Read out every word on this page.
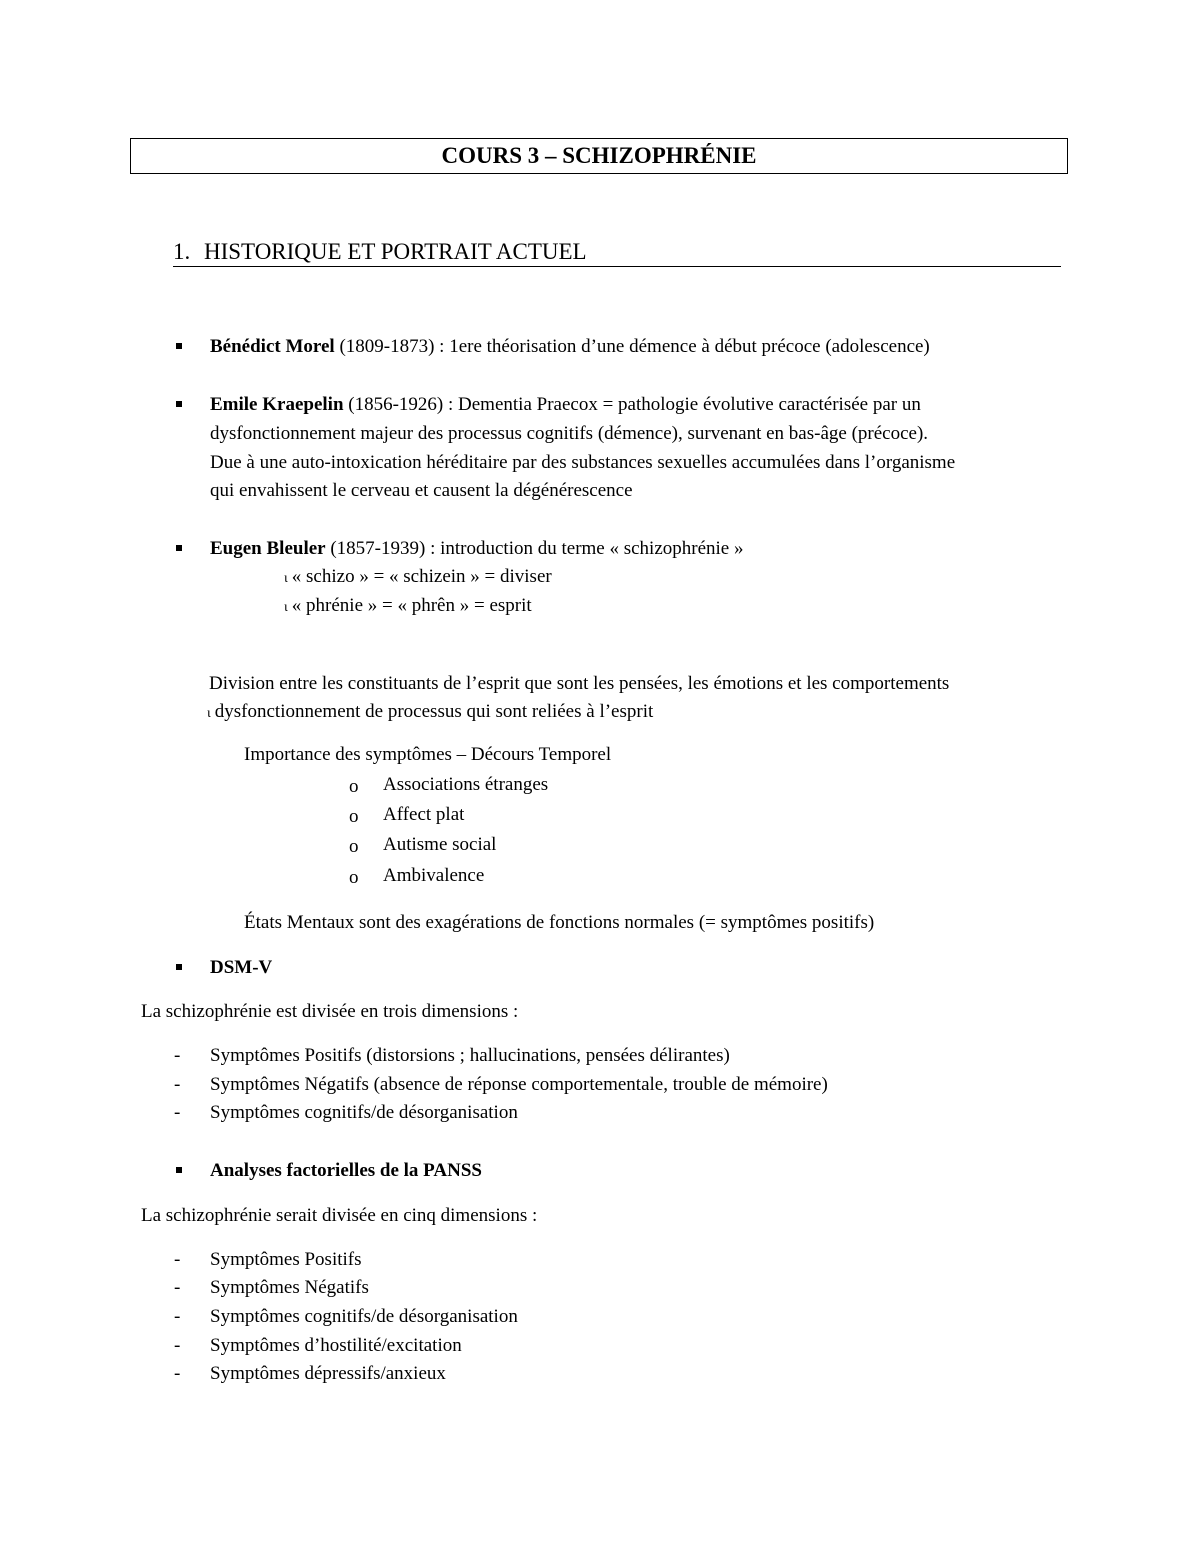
COURS 3 – SCHIZOPHRÉNIE
1. HISTORIQUE ET PORTRAIT ACTUEL
Bénédict Morel (1809-1873) : 1ere théorisation d’une démence à début précoce (adolescence)
Emile Kraepelin (1856-1926) : Dementia Praecox = pathologie évolutive caractérisée par un
dysfonctionnement majeur des processus cognitifs (démence), survenant en bas-âge (précoce).
Due à une auto-intoxication héréditaire par des substances sexuelles accumulées dans l’organisme
qui envahissent le cerveau et causent la dégénérescence
Eugen Bleuler (1857-1939) : introduction du terme « schizophrénie »
ι « schizo » = « schizein » = diviser
ι « phrénie » = « phrên » = esprit
Division entre les constituants de l’esprit que sont les pensées, les émotions et les comportements
ι dysfonctionnement de processus qui sont reliées à l’esprit
Importance des symptômes – Décours Temporel
o Associations étranges
o Affect plat
o Autisme social
o Ambivalence
États Mentaux sont des exagérations de fonctions normales (= symptômes positifs)
DSM-V
La schizophrénie est divisée en trois dimensions :
- Symptômes Positifs (distorsions ; hallucinations, pensées délirantes)
- Symptômes Négatifs (absence de réponse comportementale, trouble de mémoire)
- Symptômes cognitifs/de désorganisation
Analyses factorielles de la PANSS
La schizophrénie serait divisée en cinq dimensions :
- Symptômes Positifs
- Symptômes Négatifs
- Symptômes cognitifs/de désorganisation
- Symptômes d’hostilité/excitation
- Symptômes dépressifs/anxieux
